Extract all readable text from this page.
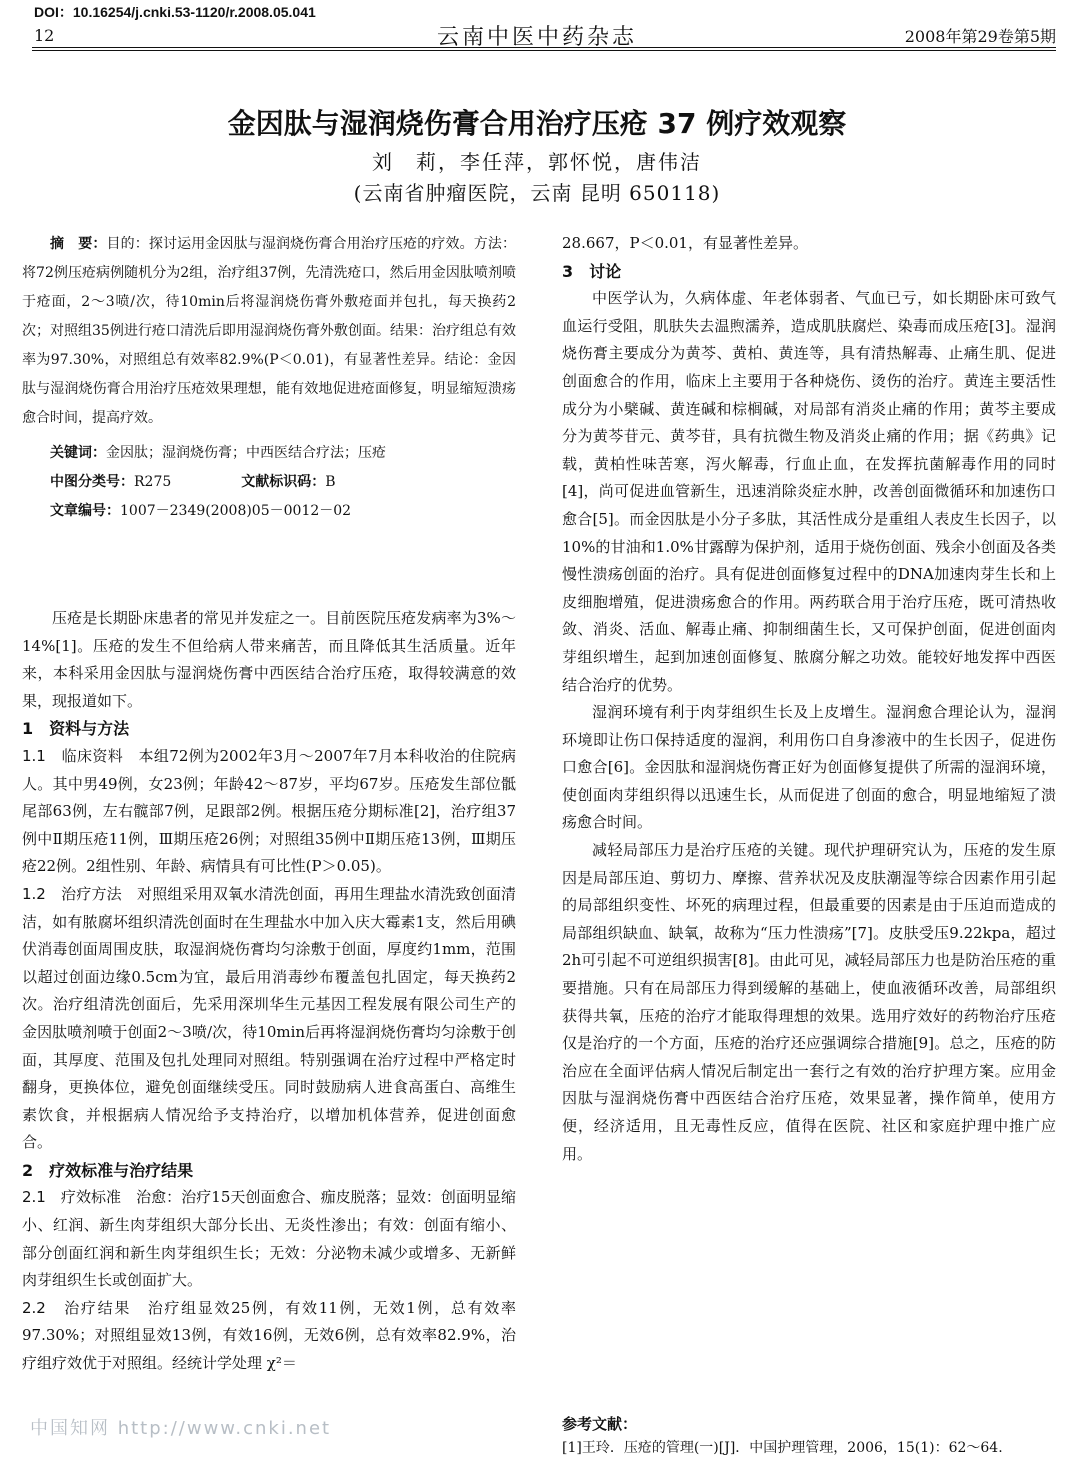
DOI：10.16254/j.cnki.53-1120/r.2008.05.041
12	云南中医中药杂志	2008年第29卷第5期
金因肽与湿润烧伤膏合用治疗压疮 37 例疗效观察
刘　莉，李任萍，郭怀悦，唐伟洁
(云南省肿瘤医院，云南 昆明 650118)

摘　要：目的：探讨运用金因肽与湿润烧伤膏合用治疗压疮的疗效。方法：将72例压疮病例随机分为2组，治疗组37例，先清洗疮口，然后用金因肽喷剂喷于疮面，2～3喷/次，待10min后将湿润烧伤膏外敷疮面并包扎，每天换药2次；对照组35例进行疮口清洗后即用湿润烧伤膏外敷创面。结果：治疗组总有效率为97.30%，对照组总有效率82.9%(P＜0.01)，有显著性差异。结论：金因肽与湿润烧伤膏合用治疗压疮效果理想，能有效地促进疮面修复，明显缩短溃疡愈合时间，提高疗效。

关键词：金因肽；湿润烧伤膏；中西医结合疗法；压疮

中图分类号：R275	文献标识码：B

文章编号：1007－2349(2008)05－0012－02

压疮是长期卧床患者的常见并发症之一。目前医院压疮发病率为3%～14%[1]。压疮的发生不但给病人带来痛苦，而且降低其生活质量。近年来，本科采用金因肽与湿润烧伤膏中西医结合治疗压疮，取得较满意的效果，现报道如下。

1　资料与方法

1.1　临床资料　 本组72例为2002年3月～2007年7月本科收治的住院病人。其中男49例，女23例；年龄42～87岁，平均67岁。压疮发生部位骶尾部63例，左右髋部7例，足跟部2例。根据压疮分期标准[2]，治疗组37例中Ⅱ期压疮11例，Ⅲ期压疮26例；对照组35例中Ⅱ期压疮13例，Ⅲ期压疮22例。2组性别、年龄、病情具有可比性(P＞0.05)。

1.2　治疗方法　 对照组采用双氧水清洗创面，再用生理盐水清洗致创面清洁，如有脓腐坏组织清洗创面时在生理盐水中加入庆大霉素1支，然后用碘伏消毒创面周围皮肤，取湿润烧伤膏均匀涂敷于创面，厚度约1mm，范围以超过创面边缘0.5cm为宜，最后用消毒纱布覆盖包扎固定，每天换药2次。治疗组清洗创面后，先采用深圳华生元基因工程发展有限公司生产的金因肽喷剂喷于创面2～3喷/次，待10min后再将湿润烧伤膏均匀涂敷于创面，其厚度、范围及包扎处理同对照组。特别强调在治疗过程中严格定时翻身，更换体位，避免创面继续受压。同时鼓励病人进食高蛋白、高维生素饮食，并根据病人情况给予支持治疗，以增加机体营养，促进创面愈合。

2　疗效标准与治疗结果

2.1　疗效标准　 治愈：治疗15天创面愈合、痂皮脱落；显效：创面明显缩小、红润、新生肉芽组织大部分长出、无炎性渗出；有效：创面有缩小、部分创面红润和新生肉芽组织生长；无效：分泌物未减少或增多、无新鲜肉芽组织生长或创面扩大。

2.2　治疗结果　 治疗组显效25例，有效11例，无效1例，总有效率97.30%；对照组显效13例，有效16例，无效6例，总有效率82.9%，治疗组疗效优于对照组。经统计学处理 χ²＝

28.667，P＜0.01，有显著性差异。

3　讨论

中医学认为，久病体虚、年老体弱者、气血已亏，如长期卧床可致气血运行受阻，肌肤失去温煦濡养，造成肌肤腐烂、染毒而成压疮[3]。湿润烧伤膏主要成分为黄芩、黄柏、黄连等，具有清热解毒、止痛生肌、促进创面愈合的作用，临床上主要用于各种烧伤、烫伤的治疗。黄连主要活性成分为小檗碱、黄连碱和棕榈碱，对局部有消炎止痛的作用；黄芩主要成分为黄芩苷元、黄芩苷，具有抗微生物及消炎止痛的作用；据《药典》记载，黄柏性味苦寒，泻火解毒，行血止血，在发挥抗菌解毒作用的同时[4]，尚可促进血管新生，迅速消除炎症水肿，改善创面微循环和加速伤口愈合[5]。而金因肽是小分子多肽，其活性成分是重组人表皮生长因子，以10%的甘油和1.0%甘露醇为保护剂，适用于烧伤创面、残余小创面及各类慢性溃疡创面的治疗。具有促进创面修复过程中的DNA加速肉芽生长和上皮细胞增殖，促进溃疡愈合的作用。两药联合用于治疗压疮，既可清热收敛、消炎、活血、解毒止痛、抑制细菌生长，又可保护创面，促进创面肉芽组织增生，起到加速创面修复、脓腐分解之功效。能较好地发挥中西医结合治疗的优势。

湿润环境有利于肉芽组织生长及上皮增生。湿润愈合理论认为，湿润环境即让伤口保持适度的湿润，利用伤口自身渗液中的生长因子，促进伤口愈合[6]。金因肽和湿润烧伤膏正好为创面修复提供了所需的湿润环境，使创面肉芽组织得以迅速生长，从而促进了创面的愈合，明显地缩短了溃疡愈合时间。

减轻局部压力是治疗压疮的关键。现代护理研究认为，压疮的发生原因是局部压迫、剪切力、摩擦、营养状况及皮肤潮湿等综合因素作用引起的局部组织变性、坏死的病理过程，但最重要的因素是由于压迫而造成的局部组织缺血、缺氧，故称为“压力性溃疡”[7]。皮肤受压9.22kpa，超过2h可引起不可逆组织损害[8]。由此可见，减轻局部压力也是防治压疮的重要措施。只有在局部压力得到缓解的基础上，使血液循环改善，局部组织获得共氧，压疮的治疗才能取得理想的效果。选用疗效好的药物治疗压疮仅是治疗的一个方面，压疮的治疗还应强调综合措施[9]。总之，压疮的防治应在全面评估病人情况后制定出一套行之有效的治疗护理方案。应用金因肽与湿润烧伤膏中西医结合治疗压疮，效果显著，操作简单，使用方便，经济适用，且无毒性反应，值得在医院、社区和家庭护理中推广应用。

参考文献：
[1]王玲．压疮的管理(一)[J]．中国护理管理，2006，15(1)：62～64.
中国知网 http://www.cnki.net
